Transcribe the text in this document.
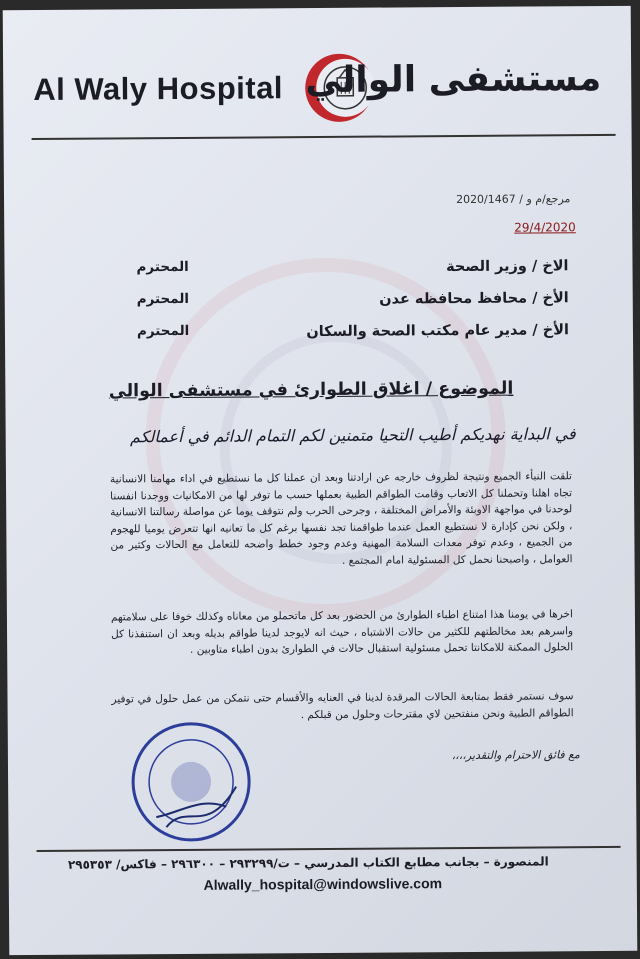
Al Waly Hospital مستشفى الوالي
مرجع/م و / 2020/1467
29/4/2020
الاخ / وزير الصحة
المحترم
الأخ / محافظ محافظه عدن
المحترم
الأخ / مدير عام مكتب الصحة والسكان
المحترم
الموضوع / اغلاق الطوارئ في مستشفى الوالي
في البداية نهديكم أطيب التحيا متمنين لكم التمام الدائم في أعمالكم
تلقت النبأء الجميع ونتيجة لظروف خارجه عن ارادتنا وبعد ان عملنا كل ما نستطيع في اداء مهامنا الانسانية تجاه اهلنا وتحملنا كل الاتعاب وقامت الطواقم الطبية بعملها حسب ما توفر لها من الامكانيات ووجدنا انفسنا لوحدنا في مواجهة الاوبئة والأمراض المختلفة ، وجرحى الحرب ولم نتوقف يوما عن مواصلة رسالتنا الانسانية ، ولكن نحن كإدارة لا نستطيع العمل عندما طواقمنا تجد نفسها برغم كل ما تعانيه انها تتعرض يوميا للهجوم من الجميع ، وعدم توفر معدات السلامة المهنية وعدم وجود خطط واضحه للتعامل مع الحالات وكثير من العوامل ، واصبحنا نحمل كل المسئولية امام المجتمع .
اخرها في يومنا هذا امتناع اطباء الطوارئ من الحضور بعد كل ماتحملو من معاناه وكذلك خوفا على سلامتهم واسرهم بعد مخالطتهم للكثير من حالات الاشتباه ، حيث انه لايوجد لدينا طواقم بديله وبعد ان استنفذنا كل الحلول الممكنة للامكانتا تحمل مسئولية استقبال حالات في الطوارئ بدون اطباء متاوبين .
سوف نستمر فقط بمتابعة الحالات المرقدة لدينا في العنايه والأقسام حتى نتمكن من عمل حلول في توفير الطواقم الطبية ونحن منفتحين لاي مقترحات وحلول من قبلكم .
مع فائق الاحترام والتقدير،،،،
المنصورة – بجانب مطابع الكتاب المدرسي – ت/٢٩٣٢٩٩ – ٢٩٦٣٠٠ – فاكس/ ٢٩٥٣٥٣
Alwally_hospital@windowslive.com
